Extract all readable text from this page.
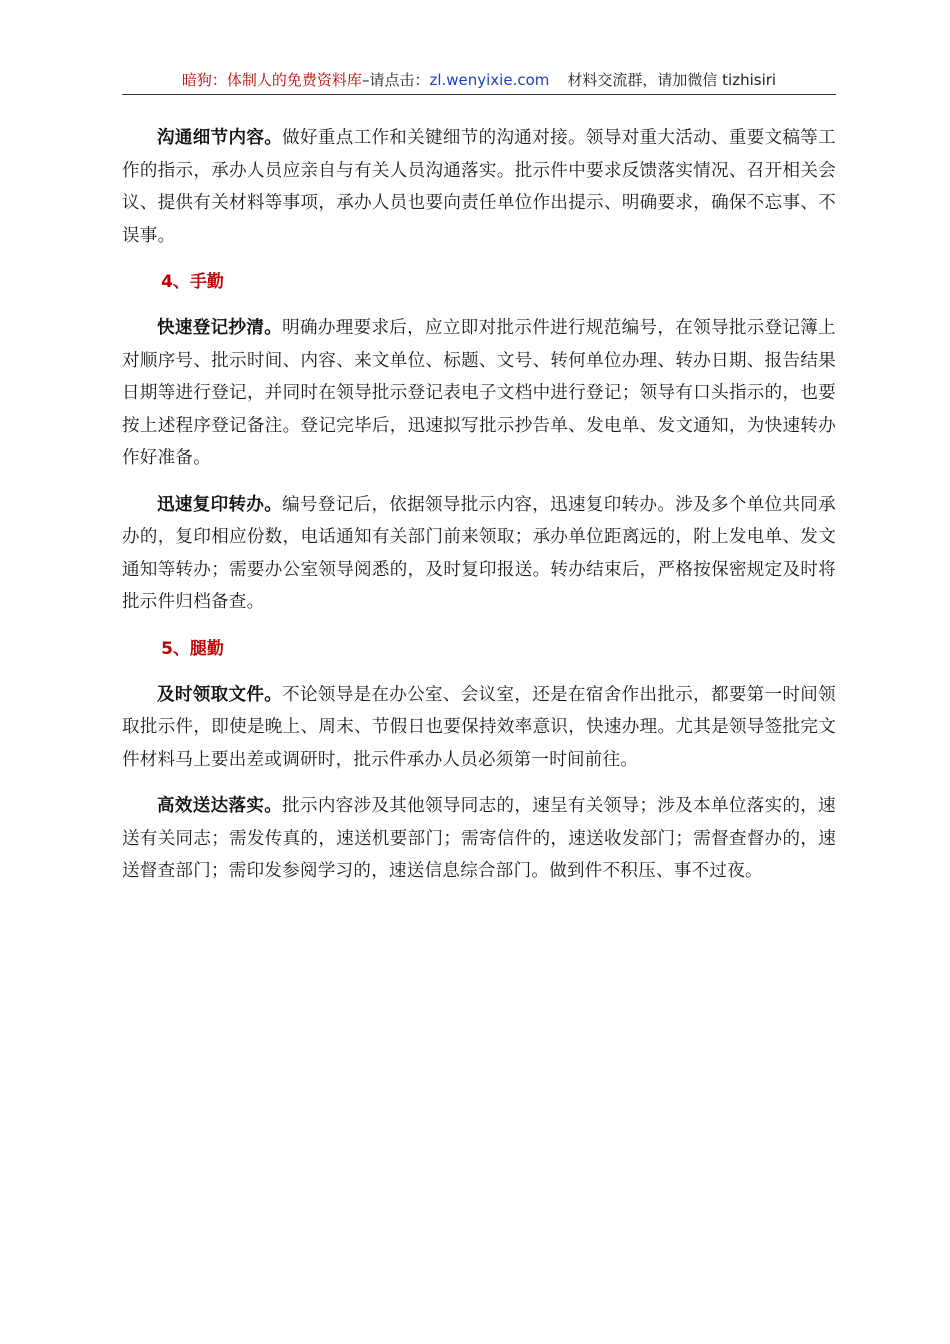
暗狗：体制人的免费资料库–请点击：zl.wenyixie.com 材料交流群，请加微信 tizhisiri

沟通细节内容。做好重点工作和关键细节的沟通对接。领导对重大活动、重要文稿等工作的指示，承办人员应亲自与有关人员沟通落实。批示件中要求反馈落实情况、召开相关会议、提供有关材料等事项，承办人员也要向责任单位作出提示、明确要求，确保不忘事、不误事。

4、手勤

快速登记抄清。明确办理要求后，应立即对批示件进行规范编号，在领导批示登记簿上对顺序号、批示时间、内容、来文单位、标题、文号、转何单位办理、转办日期、报告结果日期等进行登记，并同时在领导批示登记表电子文档中进行登记；领导有口头指示的，也要按上述程序登记备注。登记完毕后，迅速拟写批示抄告单、发电单、发文通知，为快速转办作好准备。

迅速复印转办。编号登记后，依据领导批示内容，迅速复印转办。涉及多个单位共同承办的，复印相应份数，电话通知有关部门前来领取；承办单位距离远的，附上发电单、发文通知等转办；需要办公室领导阅悉的，及时复印报送。转办结束后，严格按保密规定及时将批示件归档备查。

5、腿勤

及时领取文件。不论领导是在办公室、会议室，还是在宿舍作出批示，都要第一时间领取批示件，即使是晚上、周末、节假日也要保持效率意识，快速办理。尤其是领导签批完文件材料马上要出差或调研时，批示件承办人员必须第一时间前往。

高效送达落实。批示内容涉及其他领导同志的，速呈有关领导；涉及本单位落实的，速送有关同志；需发传真的，速送机要部门；需寄信件的，速送收发部门；需督查督办的，速送督查部门；需印发参阅学习的，速送信息综合部门。做到件不积压、事不过夜。
